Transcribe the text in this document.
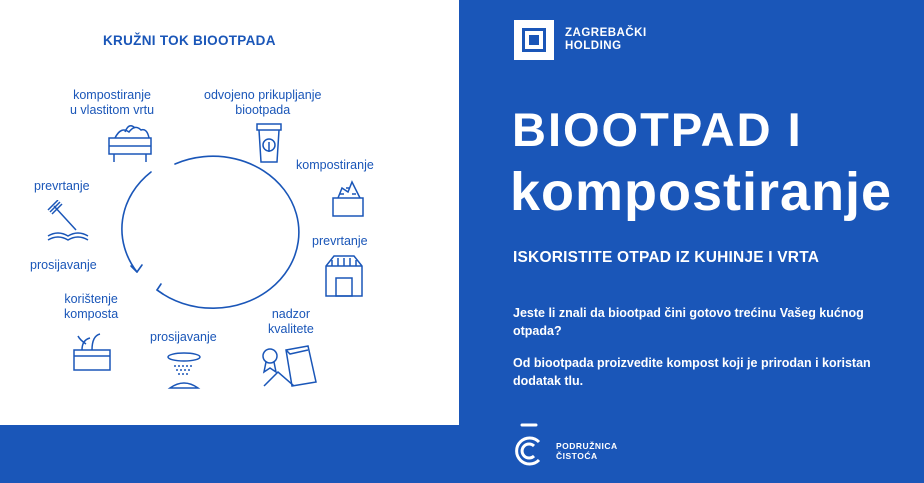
KRUŽNI TOK BIOOTPADA
kompostiranje
u vlastitom vrtu
odvojeno prikupljanje
biootpada
kompostiranje
prevrtanje
nadzor
kvalitete
prosijavanje
korištenje
komposta
prosijavanje
prevrtanje
ZAGREBAČKI
HOLDING
BIOOTPAD I
kompostiranje
ISKORISTITE OTPAD IZ KUHINJE I VRTA
Jeste li znali da biootpad čini gotovo trećinu Vašeg kućnog otpada?
Od biootpada proizvedite kompost koji je prirodan i koristan dodatak tlu.
PODRUŽNICA
ČISTOĆA
